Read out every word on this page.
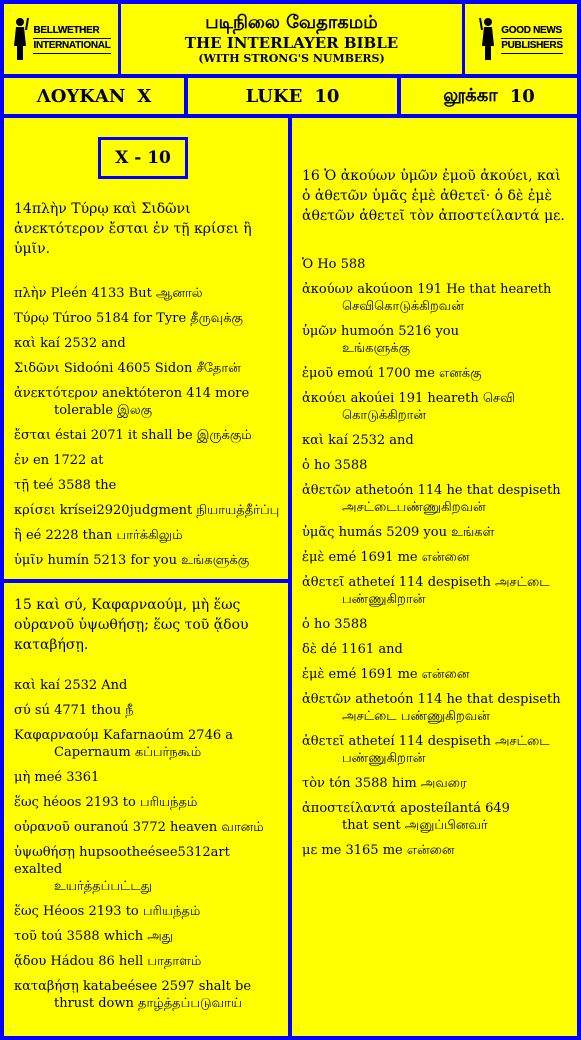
BELLWETHER
INTERNATIONAL
படிநிலை வேதாகமம்
THE INTERLAYER BIBLE
(WITH STRONG'S NUMBERS)
GOOD NEWS
PUBLISHERS
ΛΟΥΚΑΝ X	LUKE 10	லூக்கா 10
X - 10
14πλὴν Τύρῳ καὶ Σιδῶνι ἀνεκτότερον ἔσται ἐν τῇ κρίσει ἢ ὑμῖν.
πλὴν Pleén 4133 But ஆனால்
Τύρῳ Túroo 5184 for Tyre தீருவுக்கு
καὶ kaí 2532 and
Σιδῶνι Sidoóni 4605 Sidon சீதோன்
ἀνεκτότερον anektóteron 414 more
tolerable இலகு
ἔσται éstai 2071 it shall be இருக்கும்
ἐν en 1722 at
τῇ teé 3588 the
κρίσει krísei2920judgment நியாயத்தீர்ப்பு
ἢ eé 2228 than பார்க்கிலும்
ὑμῖν humín 5213 for you உங்களுக்கு
15 καὶ σύ, Καφαρναούμ, μὴ ἕως οὐρανοῦ ὑψωθήσῃ; ἕως τοῦ ᾅδου καταβήσῃ.
καὶ kaí 2532 And
σύ sú 4771 thou நீ
Καφαρναούμ Kafarnaoúm 2746 a
Capernaum கப்பர்நகூம்
μὴ meé 3361
ἕως héoos 2193 to பரியந்தம்
οὐρανοῦ ouranoú 3772 heaven வானம்
ὑψωθήσῃ hupsootheésee5312art exalted
உயர்த்தப்பட்டது
ἕως Héoos 2193 to பரியந்தம்
τοῦ toú 3588 which அது
ᾅδου Hádou 86 hell பாதாளம்
καταβήσῃ katabeésee 2597 shalt be
thrust down தாழ்த்தப்படுவாய்
16 Ὁ ἀκούων ὑμῶν ἐμοῦ ἀκούει, καὶ ὁ ἀθετῶν ὑμᾶς ἐμὲ ἀθετεῖ· ὁ δὲ ἐμὲ ἀθετῶν ἀθετεῖ τὸν ἀποστείλαντά με.
Ὁ Ho 588
ἀκούων akoúoon 191 He that heareth
செவிகொடுக்கிறவன்
ὑμῶν humoón 5216 you
உங்களுக்கு
ἐμοῦ emoú 1700 me எனக்கு
ἀκούει akoúei 191 heareth செவி
கொடுக்கிறான்
καὶ kaí 2532 and
ὁ ho 3588
ἀθετῶν athetoón 114 he that despiseth
அசட்டைபண்ணுகிறவன்
ὑμᾶς humás 5209 you உங்கள்
ἐμὲ emé 1691 me என்னை
ἀθετεῖ atheteí 114 despiseth அசட்டை
பண்ணுகிறான்
ὁ ho 3588
δὲ dé 1161 and
ἐμὲ emé 1691 me என்னை
ἀθετῶν athetoón 114 he that despiseth
அசட்டை பண்ணுகிறவன்
ἀθετεῖ atheteí 114 despiseth அசட்டை
பண்ணுகிறான்
τὸν tón 3588 him அவரை
ἀποστείλαντά aposteílantá 649
that sent அனுப்பினவர்
με me 3165 me என்னை
